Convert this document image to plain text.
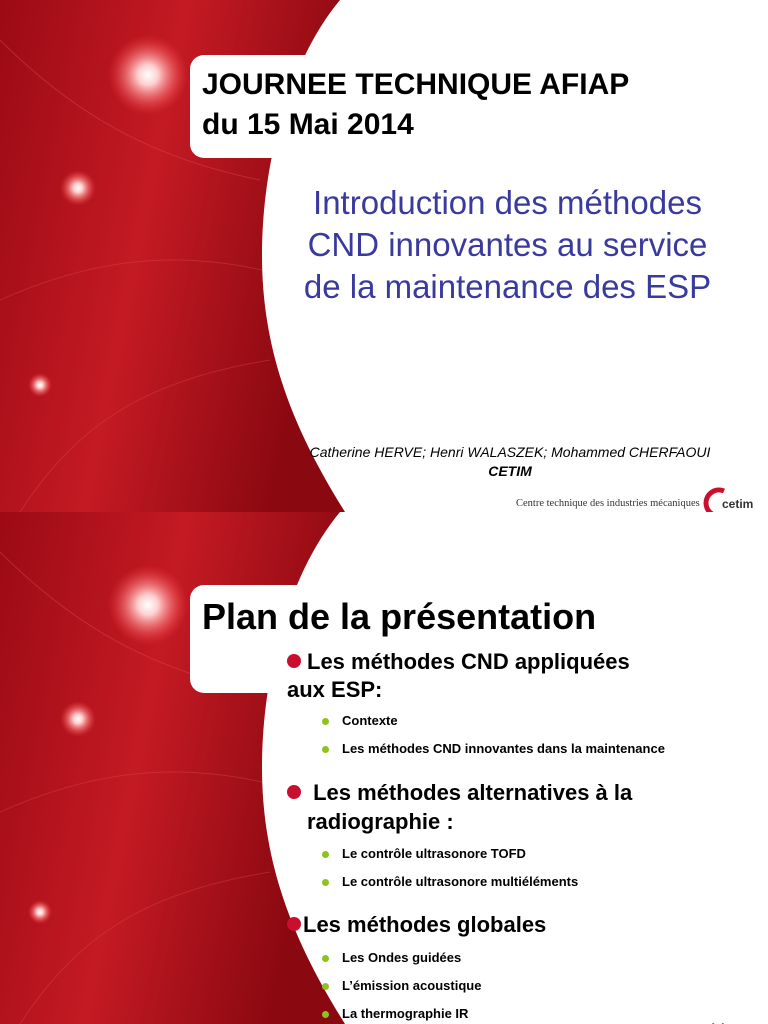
JOURNEE TECHNIQUE AFIAP
du 15 Mai 2014
Introduction des méthodes
CND innovantes au service
de la maintenance des ESP
Catherine HERVE; Henri WALASZEK; Mohammed CHERFAOUI
CETIM
Centre technique des industries mécaniques cetim
Plan de la présentation
Les méthodes CND appliquées
aux ESP:
Contexte
Les méthodes CND innovantes dans la maintenance
Les méthodes alternatives à la
radiographie :
Le contrôle ultrasonore TOFD
Le contrôle ultrasonore multiéléments
Les méthodes globales
Les Ondes guidées
L’émission acoustique
La thermographie IR
